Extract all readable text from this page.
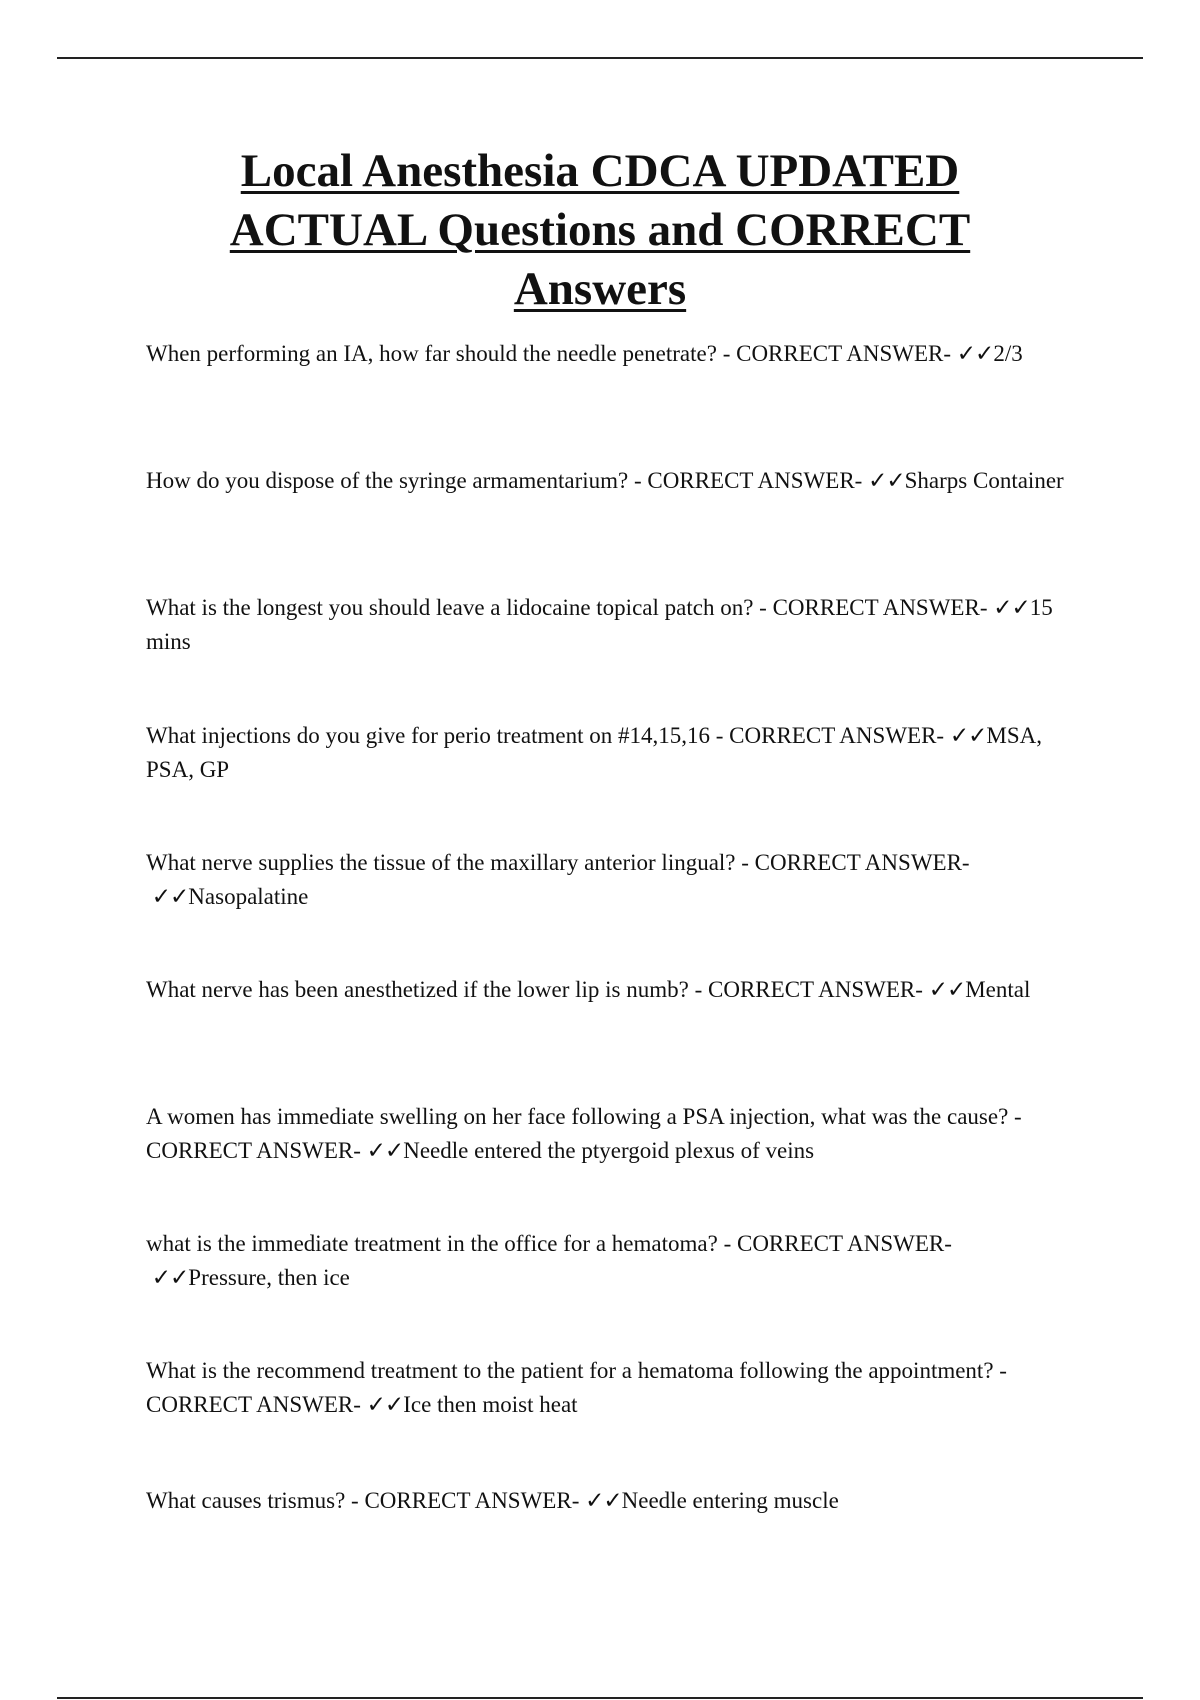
Local Anesthesia CDCA UPDATED ACTUAL Questions and CORRECT Answers
When performing an IA, how far should the needle penetrate? - CORRECT ANSWER- ✓✓2/3
How do you dispose of the syringe armamentarium? - CORRECT ANSWER- ✓✓Sharps Container
What is the longest you should leave a lidocaine topical patch on? - CORRECT ANSWER- ✓✓15 mins
What injections do you give for perio treatment on #14,15,16 - CORRECT ANSWER- ✓✓MSA, PSA, GP
What nerve supplies the tissue of the maxillary anterior lingual? - CORRECT ANSWER- ✓✓Nasopalatine
What nerve has been anesthetized if the lower lip is numb? - CORRECT ANSWER- ✓✓Mental
A women has immediate swelling on her face following a PSA injection, what was the cause? - CORRECT ANSWER- ✓✓Needle entered the ptyergoid plexus of veins
what is the immediate treatment in the office for a hematoma? - CORRECT ANSWER- ✓✓Pressure, then ice
What is the recommend treatment to the patient for a hematoma following the appointment? - CORRECT ANSWER- ✓✓Ice then moist heat
What causes trismus? - CORRECT ANSWER- ✓✓Needle entering muscle
